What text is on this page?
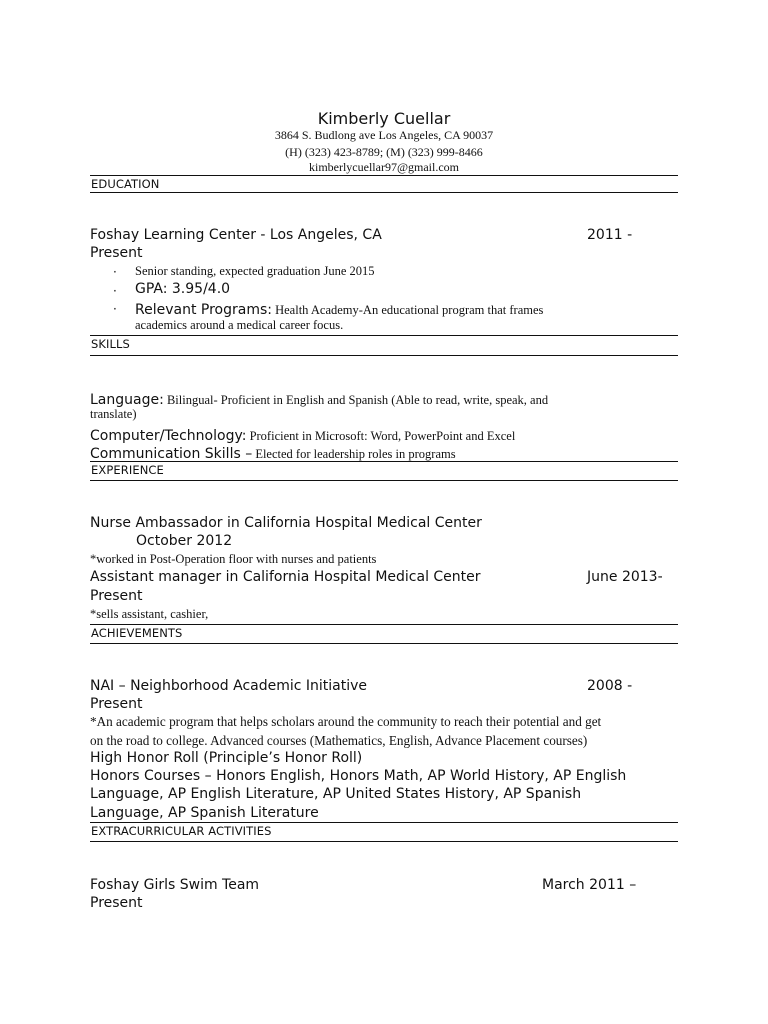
Kimberly Cuellar
3864 S. Budlong ave Los Angeles, CA 90037
(H) (323) 423-8789; (M) (323) 999-8466
kimberlycuellar97@gmail.com
EDUCATION
Foshay Learning Center - Los Angeles, CA	2011 -
Present
· Senior standing, expected graduation June 2015
· GPA: 3.95/4.0
· Relevant Programs: Health Academy-An educational program that frames
academics around a medical career focus.
SKILLS
Language: Bilingual- Proficient in English and Spanish (Able to read, write, speak, and
translate)
Computer/Technology: Proficient in Microsoft: Word, PowerPoint and Excel
Communication Skills – Elected for leadership roles in programs
EXPERIENCE
Nurse Ambassador in California Hospital Medical Center
October 2012
*worked in Post-Operation floor with nurses and patients
Assistant manager in California Hospital Medical Center	June 2013-
Present
*sells assistant, cashier,
ACHIEVEMENTS
NAI – Neighborhood Academic Initiative	2008 -
Present
*An academic program that helps scholars around the community to reach their potential and get
on the road to college. Advanced courses (Mathematics, English, Advance Placement courses)
High Honor Roll (Principle’s Honor Roll)
Honors Courses – Honors English, Honors Math, AP World History, AP English
Language, AP English Literature, AP United States History, AP Spanish
Language, AP Spanish Literature
EXTRACURRICULAR ACTIVITIES
Foshay Girls Swim Team	March 2011 –
Present
